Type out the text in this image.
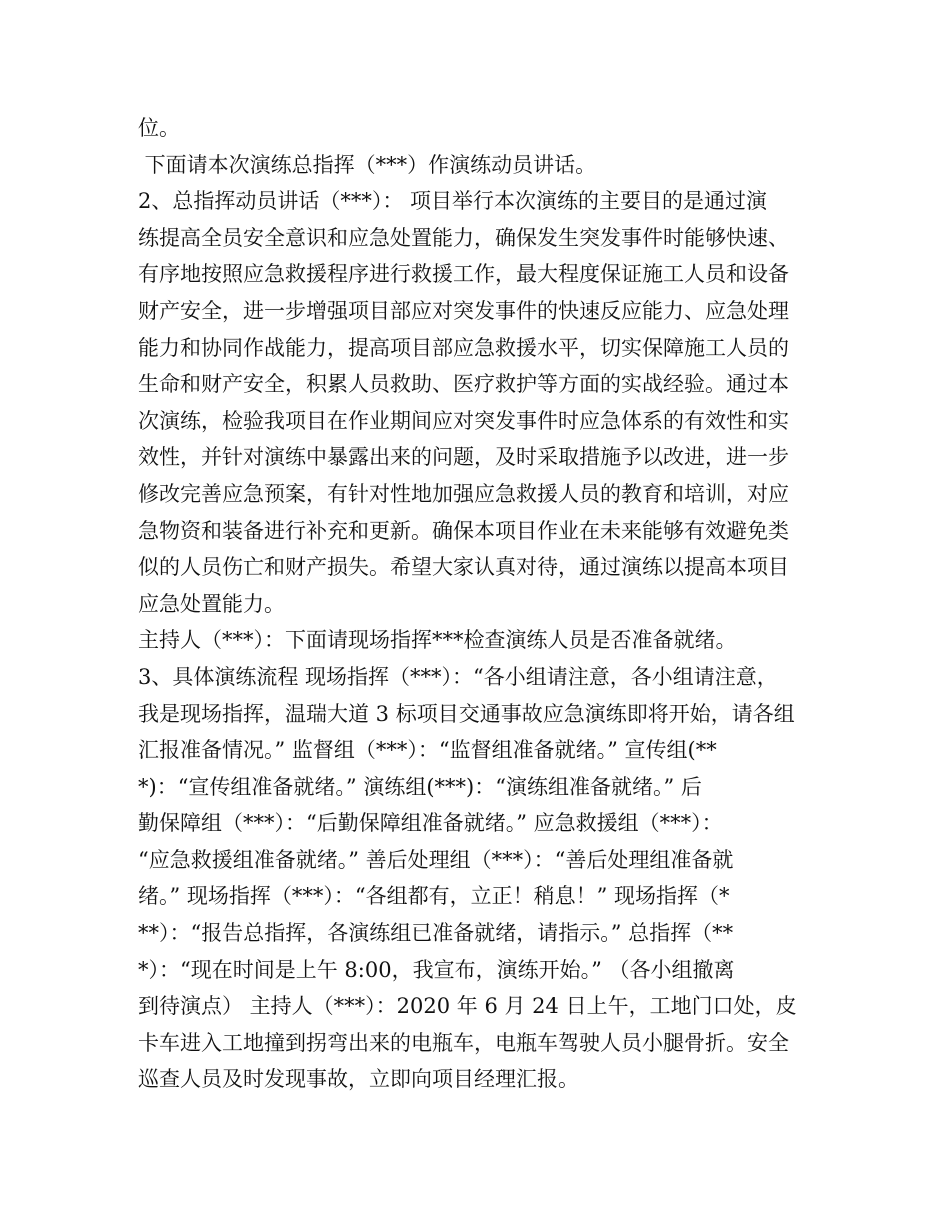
位。
下面请本次演练总指挥（***）作演练动员讲话。
2、总指挥动员讲话（***）： 项目举行本次演练的主要目的是通过演
练提高全员安全意识和应急处置能力，确保发生突发事件时能够快速、
有序地按照应急救援程序进行救援工作，最大程度保证施工人员和设备
财产安全，进一步增强项目部应对突发事件的快速反应能力、应急处理
能力和协同作战能力，提高项目部应急救援水平，切实保障施工人员的
生命和财产安全，积累人员救助、医疗救护等方面的实战经验。通过本
次演练，检验我项目在作业期间应对突发事件时应急体系的有效性和实
效性，并针对演练中暴露出来的问题，及时采取措施予以改进，进一步
修改完善应急预案，有针对性地加强应急救援人员的教育和培训，对应
急物资和装备进行补充和更新。确保本项目作业在未来能够有效避免类
似的人员伤亡和财产损失。希望大家认真对待，通过演练以提高本项目
应急处置能力。
主持人（***）：下面请现场指挥***检查演练人员是否准备就绪。
3、具体演练流程 现场指挥（***）：“各小组请注意，各小组请注意，
我是现场指挥，温瑞大道 3 标项目交通事故应急演练即将开始，请各组
汇报准备情况。” 监督组（***）：“监督组准备就绪。” 宣传组(**
*)：“宣传组准备就绪。” 演练组(***)：“演练组准备就绪。” 后
勤保障组（***）：“后勤保障组准备就绪。” 应急救援组（***）：
“应急救援组准备就绪。” 善后处理组（***）：“善后处理组准备就
绪。” 现场指挥（***）：“各组都有，立正！稍息！” 现场指挥（*
**）：“报告总指挥，各演练组已准备就绪，请指示。” 总指挥（**
*）：“现在时间是上午 8:00，我宣布，演练开始。” （各小组撤离
到待演点） 主持人（***）：2020 年 6 月 24 日上午，工地门口处，皮
卡车进入工地撞到拐弯出来的电瓶车，电瓶车驾驶人员小腿骨折。安全
巡查人员及时发现事故，立即向项目经理汇报。
